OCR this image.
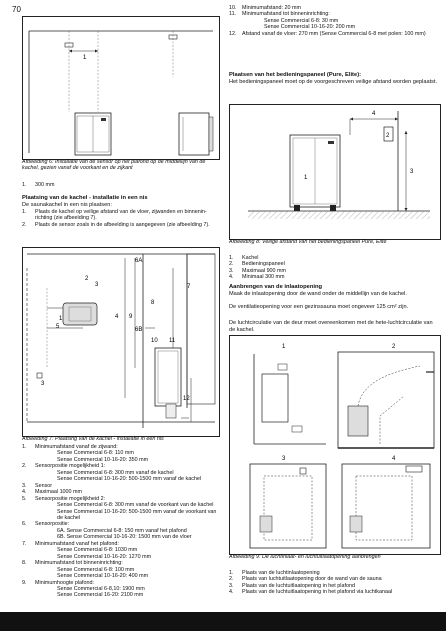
70
1
Afbeelding 6: Installatie van de sensor op het plafond op de middellijn van de kachel, gezien vanaf de voorkant en de zijkant
1. 300 mm
Plaatsing van de kachel - installatie in een nis
De saunakachel in een nis plaatsen:
1. Plaats de kachel op veilige afstand van de vloer, zijwanden en binneninrichting (zie afbeelding 7).
2. Plaats de sensor zoals in de afbeelding is aangegeven (zie afbeelding 7).
6A
7
2
3
1
5
3
4 9
6B
8
10 11
12
Afbeelding 7: Plaatsing van de kachel - installatie in een nis
1. Minimumafstand vanaf de zijwand:
Sense Commercial 6-8: 110 mm
Sense Commercial 10-16-20: 350 mm
2. Sensorpositie mogelijkheid 1:
Sense Commercial 6-8: 300 mm vanaf de kachel
Sense Commercial 10-16-20: 500-1500 mm vanaf de kachel
3. Sensor
4. Maximaal 1000 mm
5. Sensorpositie mogelijkheid 2:
Sense Commercial 6-8: 300 mm vanaf de voorkant van de kachel
Sense Commercial 10-16-20: 500-1500 mm vanaf de voorkant van de kachel
6. Sensorpositie:
6A. Sense Commercial 6-8: 150 mm vanaf het plafond
6B. Sense Commercial 10-16-20: 1500 mm van de vloer
7. Minimumafstand vanaf het plafond:
Sense Commercial 6-8: 1030 mm
Sense Commercial 10-16-20: 1270 mm
8. Minimumafstand tot binneninrichting:
Sense Commercial 6-8: 100 mm
Sense Commercial 10-16-20: 400 mm
9. Minimumhoogte plafond:
Sense Commercial 6-8,10: 1900 mm
Sense Commercial 16-20: 2100 mm
10. Minimumafstand: 20 mm
11. Minimumafstand tot binneninrichting:
Sense Commercial 6-8: 30 mm
Sense Commercial 10-16-20: 200 mm
12. Afstand vanaf de vloer: 270 mm (Sense Commercial 6-8 met polen: 100 mm)
Plaatsen van het bedieningspaneel (Pure, Elite):
Het bedieningspaneel moet op de voorgeschreven veilige afstand worden geplaatst.
4
2
3
1
Afbeelding 8: Veilige afstand van het bedieningspaneel Pure, Elite
1. Kachel
2. Bedieningspaneel
3. Maximaal 900 mm
4. Minimaal 300 mm
Aanbrengen van de inlaatopening
Maak de inlaatopening door de wand onder de middellijn van de kachel.
De ventilatieopening voor een gezinssauna moet ongeveer 125 cm² zijn.
De luchtcirculatie van de deur moet overeenkomen met de hete-luchtcirculatie van de kachel.
1	2
3	4
Afbeelding 9: De luchtinlaat- en luchtuitlaatopening aanbrengen
1. Plaats van de luchtinlaatopening
2. Plaats van luchtuitlaatopening door de wand van de sauna
3. Plaats van de luchtuitlaatopening in het plafond
4. Plaats van de luchtuitlaatopening in het plafond via luchtkanaal
